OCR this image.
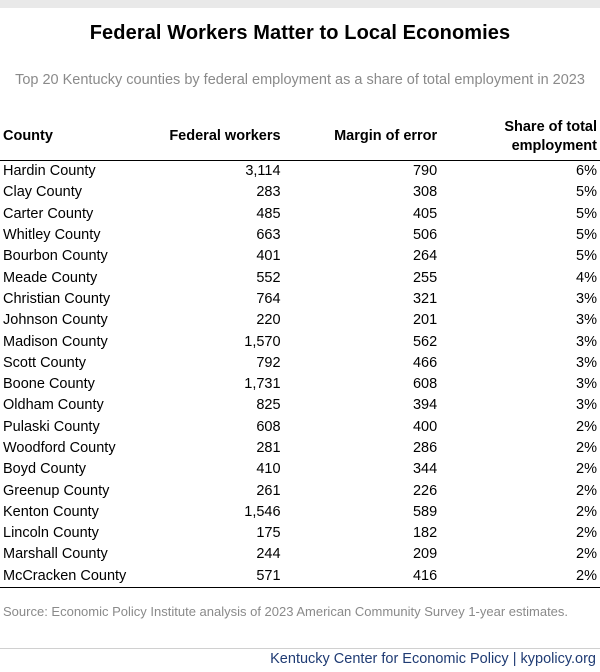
Federal Workers Matter to Local Economies
Top 20 Kentucky counties by federal employment as a share of total employment in 2023
County	Federal workers	Margin of error	Share of total
employment
Hardin County	3,114	790	6%
Clay County	283	308	5%
Carter County	485	405	5%
Whitley County	663	506	5%
Bourbon County	401	264	5%
Meade County	552	255	4%
Christian County	764	321	3%
Johnson County	220	201	3%
Madison County	1,570	562	3%
Scott County	792	466	3%
Boone County	1,731	608	3%
Oldham County	825	394	3%
Pulaski County	608	400	2%
Woodford County	281	286	2%
Boyd County	410	344	2%
Greenup County	261	226	2%
Kenton County	1,546	589	2%
Lincoln County	175	182	2%
Marshall County	244	209	2%
McCracken County	571	416	2%
Source: Economic Policy Institute analysis of 2023 American Community Survey 1-year estimates.
Kentucky Center for Economic Policy | kypolicy.org
